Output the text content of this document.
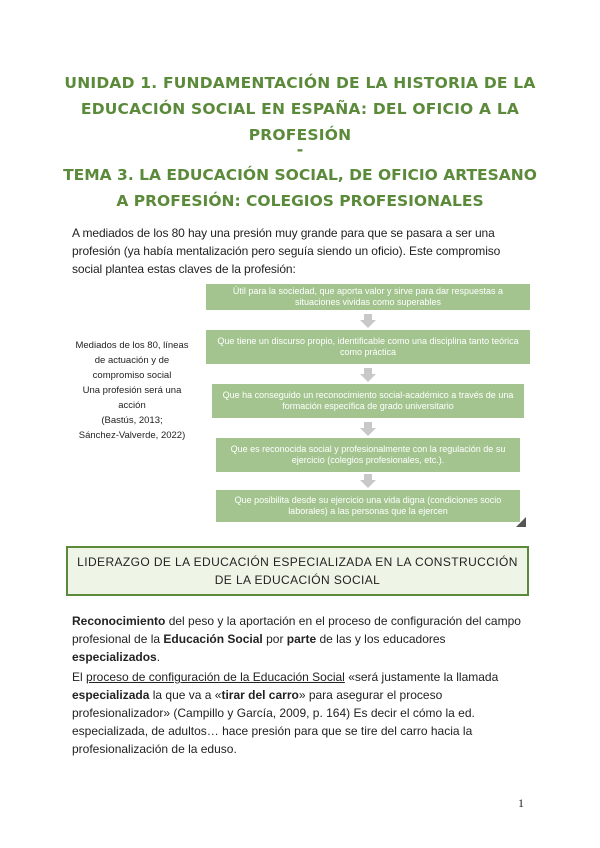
UNIDAD 1. FUNDAMENTACIÓN DE LA HISTORIA DE LA EDUCACIÓN SOCIAL EN ESPAÑA: DEL OFICIO A LA PROFESIÓN
-
TEMA 3. LA EDUCACIÓN SOCIAL, DE OFICIO ARTESANO A PROFESIÓN: COLEGIOS PROFESIONALES
A mediados de los 80 hay una presión muy grande para que se pasara a ser una profesión (ya había mentalización pero seguía siendo un oficio). Este compromiso social plantea estas claves de la profesión:
Mediados de los 80, líneas
de actuación y de
compromiso social
Una profesión será una
acción
(Bastús, 2013;
Sánchez-Valverde, 2022)
Útil para la sociedad, que aporta valor y sirve para dar respuestas a situaciones vividas como superables
Que tiene un discurso propio, identificable como una disciplina tanto teórica como práctica
Que ha conseguido un reconocimiento social-académico a través de una formación específica de grado universitario
Que es reconocida social y profesionalmente con la regulación de su ejercicio (colegios profesionales, etc.).
Que posibilita desde su ejercicio una vida digna (condiciones socio laborales) a las personas que la ejercen
LIDERAZGO DE LA EDUCACIÓN ESPECIALIZADA EN LA CONSTRUCCIÓN DE LA EDUCACIÓN SOCIAL
Reconocimiento del peso y la aportación en el proceso de configuración del campo profesional de la Educación Social por parte de las y los educadores especializados.
El proceso de configuración de la Educación Social «será justamente la llamada especializada la que va a «tirar del carro» para asegurar el proceso profesionalizador» (Campillo y García, 2009, p. 164) Es decir el cómo la ed. especializada, de adultos… hace presión para que se tire del carro hacia la profesionalización de la eduso.
1
